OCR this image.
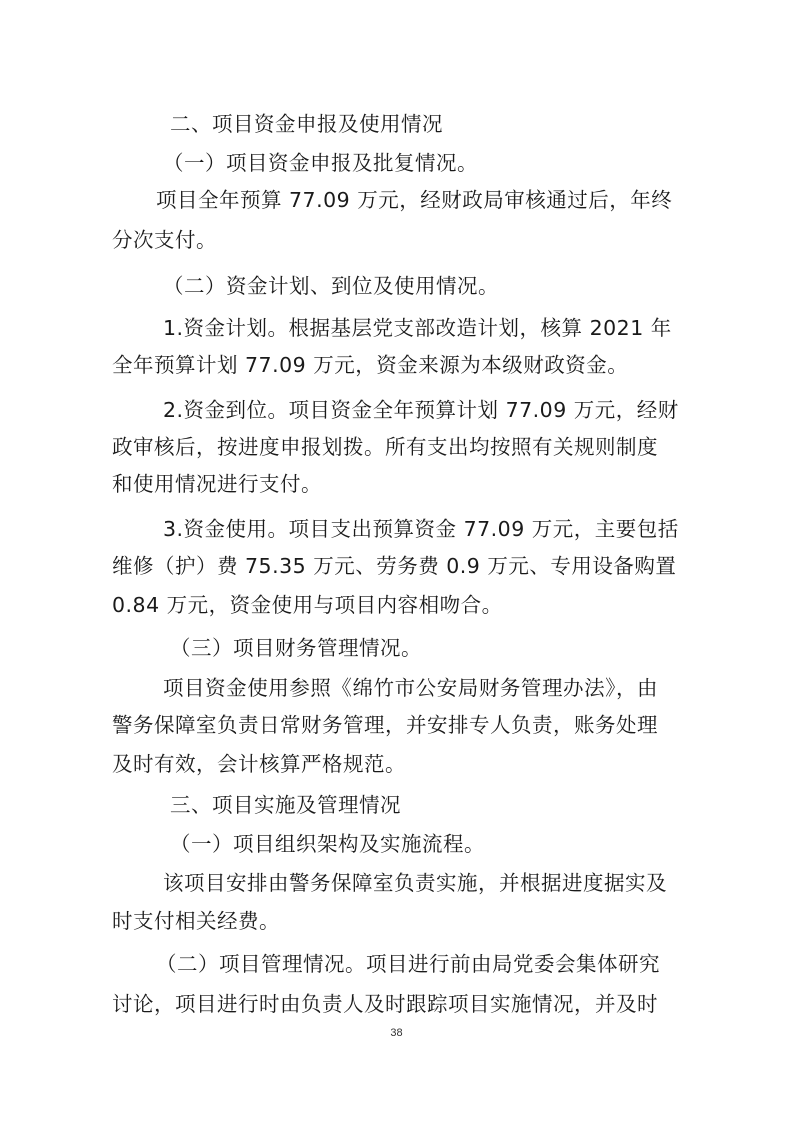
二、项目资金申报及使用情况
（一）项目资金申报及批复情况。
项目全年预算 77.09 万元，经财政局审核通过后，年终
分次支付。
（二）资金计划、到位及使用情况。
1.资金计划。根据基层党支部改造计划，核算 2021 年
全年预算计划 77.09 万元，资金来源为本级财政资金。
2.资金到位。项目资金全年预算计划 77.09 万元，经财
政审核后，按进度申报划拨。所有支出均按照有关规则制度
和使用情况进行支付。
3.资金使用。项目支出预算资金 77.09 万元，主要包括
维修（护）费 75.35 万元、劳务费 0.9 万元、专用设备购置
0.84 万元，资金使用与项目内容相吻合。
（三）项目财务管理情况。
项目资金使用参照《绵竹市公安局财务管理办法》，由
警务保障室负责日常财务管理，并安排专人负责，账务处理
及时有效，会计核算严格规范。
三、项目实施及管理情况
（一）项目组织架构及实施流程。
该项目安排由警务保障室负责实施，并根据进度据实及
时支付相关经费。
（二）项目管理情况。项目进行前由局党委会集体研究
讨论，项目进行时由负责人及时跟踪项目实施情况，并及时
38
